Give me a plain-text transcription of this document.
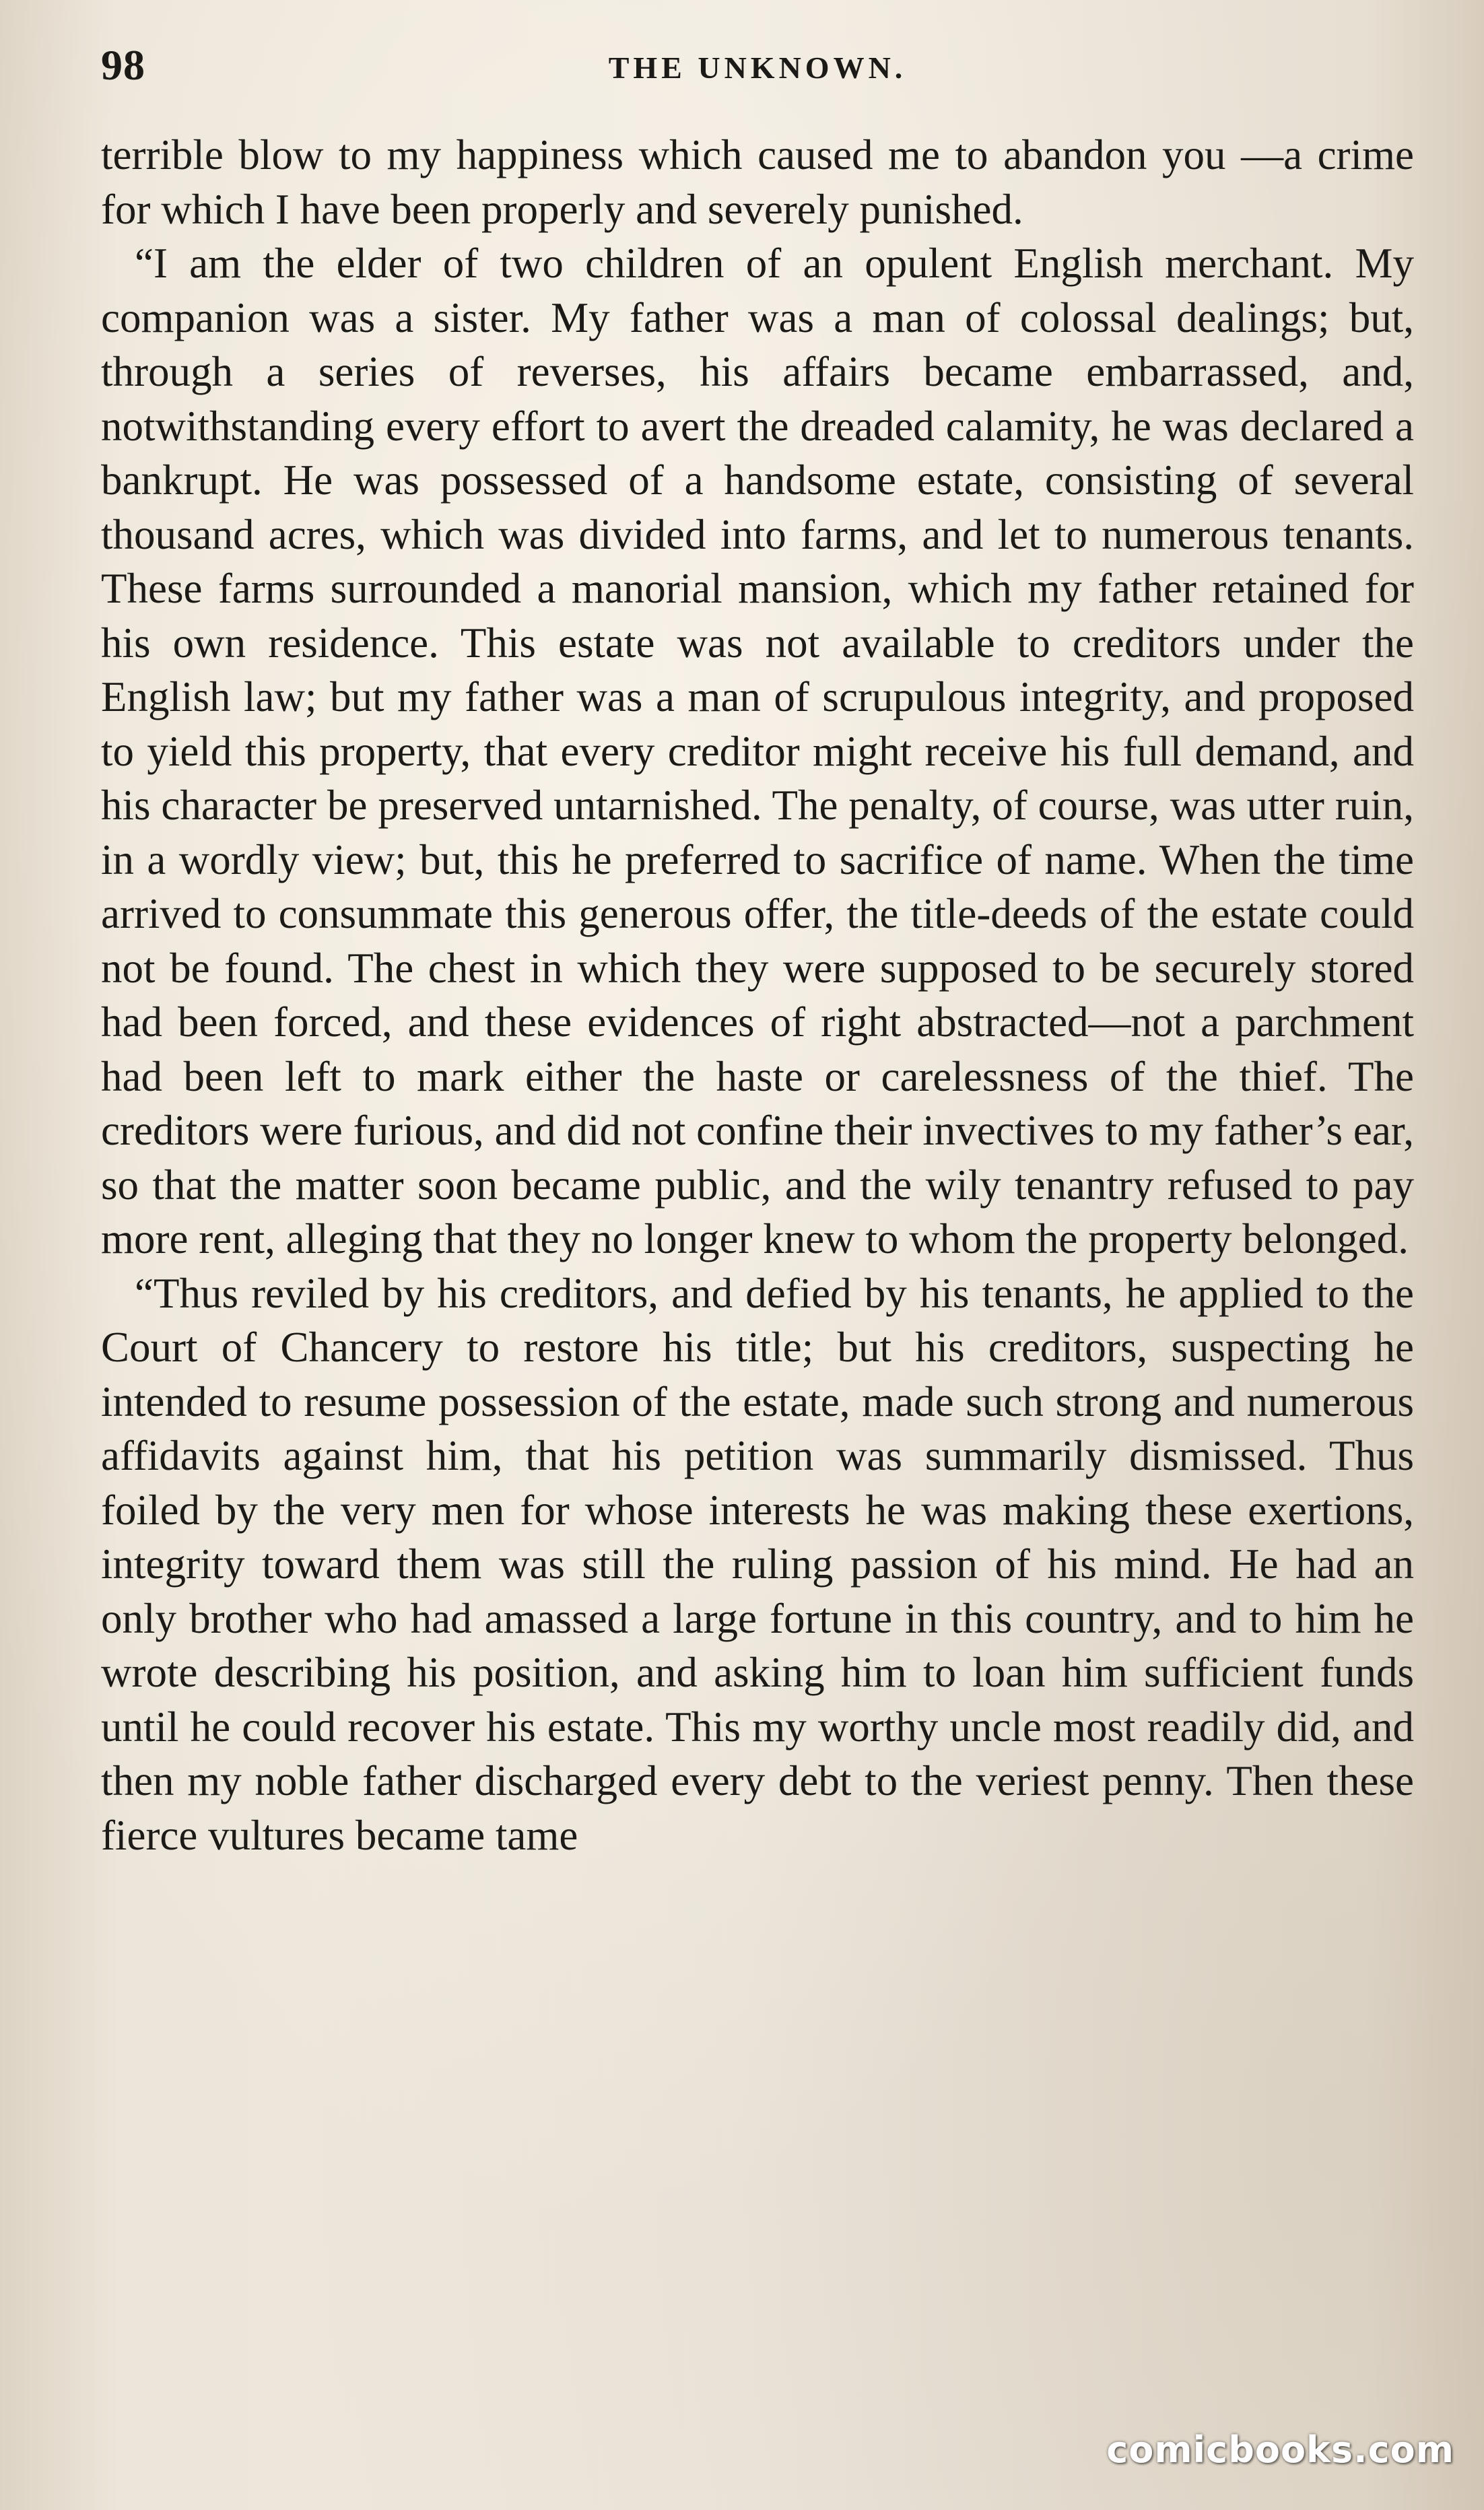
98	THE UNKNOWN.

terrible blow to my happiness which caused me to abandon you —a crime for which I have been properly and severely punished.

“I am the elder of two children of an opulent English merchant. My companion was a sister. My father was a man of colossal dealings; but, through a series of reverses, his affairs became embarrassed, and, notwithstanding every effort to avert the dreaded calamity, he was declared a bankrupt. He was possessed of a handsome estate, consisting of several thousand acres, which was divided into farms, and let to numerous tenants. These farms surrounded a manorial mansion, which my father retained for his own residence. This estate was not available to creditors under the English law; but my father was a man of scrupulous integrity, and proposed to yield this property, that every creditor might receive his full demand, and his character be preserved untarnished. The penalty, of course, was utter ruin, in a wordly view; but, this he preferred to sacrifice of name. When the time arrived to consummate this generous offer, the title-deeds of the estate could not be found. The chest in which they were supposed to be securely stored had been forced, and these evidences of right abstracted—not a parchment had been left to mark either the haste or carelessness of the thief. The creditors were furious, and did not confine their invectives to my father’s ear, so that the matter soon became public, and the wily tenantry refused to pay more rent, alleging that they no longer knew to whom the property belonged.

“Thus reviled by his creditors, and defied by his tenants, he applied to the Court of Chancery to restore his title; but his creditors, suspecting he intended to resume possession of the estate, made such strong and numerous affidavits against him, that his petition was summarily dismissed. Thus foiled by the very men for whose interests he was making these exertions, integrity toward them was still the ruling passion of his mind. He had an only brother who had amassed a large fortune in this country, and to him he wrote describing his position, and asking him to loan him sufficient funds until he could recover his estate. This my worthy uncle most readily did, and then my noble father discharged every debt to the veriest penny. Then these fierce vultures became tame

comicbooks.com
